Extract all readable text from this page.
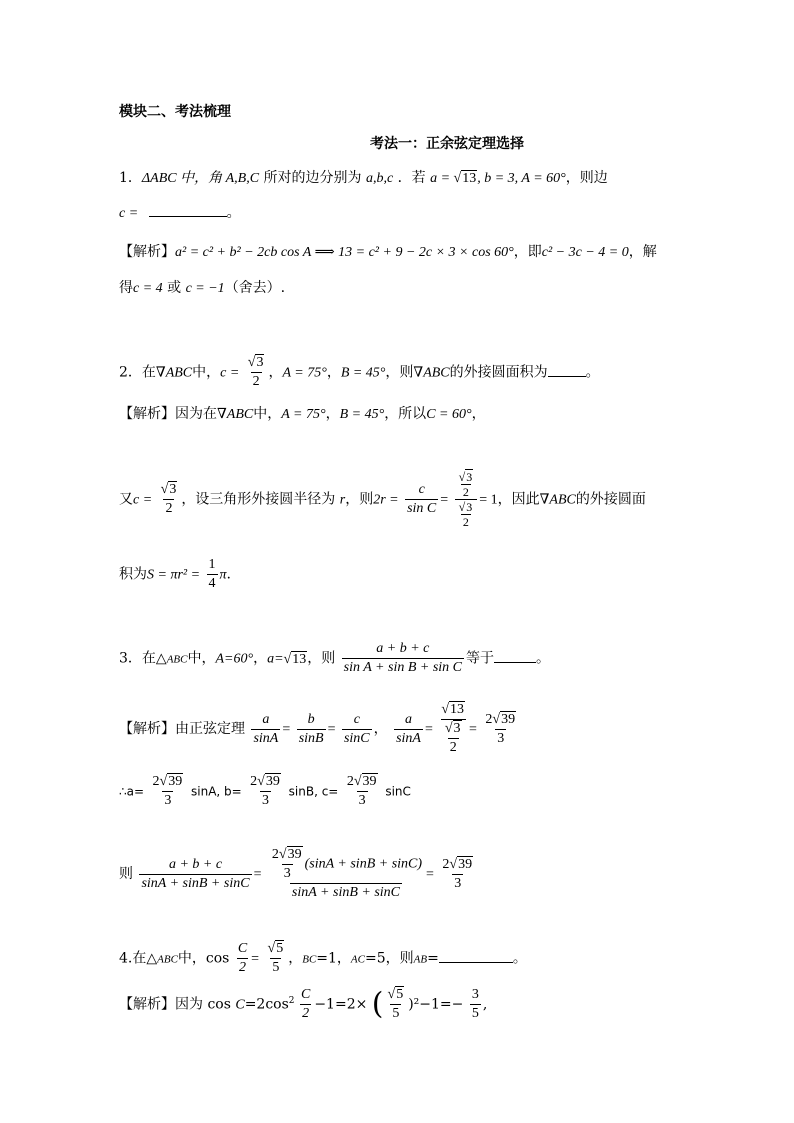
模块二、考法梳理
考法一：正余弦定理选择
1．ΔABC 中，角 A,B,C 所对的边分别为 a,b,c ．若 a = √13, b = 3, A = 60°，则边
c =	。
【解析】a² = c² + b² − 2cb cos A ⟹ 13 = c² + 9 − 2c × 3 × cos 60°，即c² − 3c − 4 = 0，解
得c = 4 或 c = −1（舍去）.
2．在∇ABC中，$c = \frac{√3}{2}$ ，A = 75°，B = 45°，则∇ABC的外接圆面积为	。
【解析】因为在∇ABC中，A = 75°，B = 45°，所以C = 60°，
又$c = \frac{√3}{2}$ ，设三角形外接圆半径为 r，则$2r = \frac{c}{\text{sin C}} = \frac{\frac{√3}{2}}{\frac{√3}{2}} = 1$，因此∇ABC的外接圆面
积为$S = \pi r^2 = \frac{1}{4} \pi$.
3．在△ABC中，A=60°，a=√13，则 $\frac{a + b + c}{\text{sin A + sin B + sin C}}$ 等于	。
【解析】由正弦定理 $\frac{a}{\sin A} = \frac{b}{\sin B} = \frac{c}{\sin C}$ ， $\frac{a}{\sin A} = \frac{√13}{\frac{√3}{2}} = \frac{2√39}{3}$
∴a= $\frac{2√39}{3} \sin A$, $b= \frac{2√39}{3} \sin B$, $c= \frac{2√39}{3}$ sinC
则 $\frac{a + b + c}{\sin A + \sin B + \sin C} = \frac{\frac{2√39}{3} (\sin A + \sin B + \sin C)}{\sin A + \sin B + \sin C} = \frac{2√39}{3}$
4.在△ABC中，$\cos \frac{C}{2} = \frac{√5}{5}$ ，BC=1，AC=5，则AB=	。
【解析】因为 $\cos C=2\cos^2 \frac{C}{2} -1=2\times$ ( $\frac{√5}{5} )^2-1=- \frac{3}{5}$ ,
